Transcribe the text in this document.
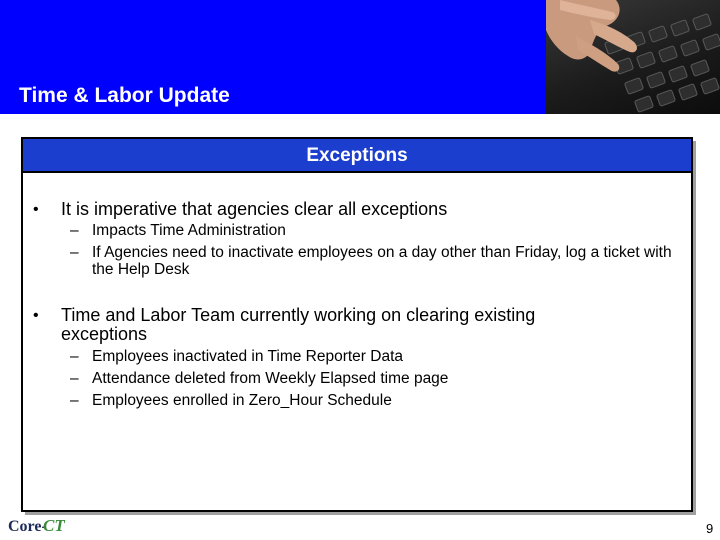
Time & Labor Update
Exceptions
• It is imperative that agencies clear all exceptions
– Impacts Time Administration
– If Agencies need to inactivate employees on a day other than Friday, log a ticket with the Help Desk
• Time and Labor Team currently working on clearing existing exceptions
– Employees inactivated in Time Reporter Data
– Attendance deleted from Weekly Elapsed time page
– Employees enrolled in Zero_Hour Schedule
Core-
CT	9
